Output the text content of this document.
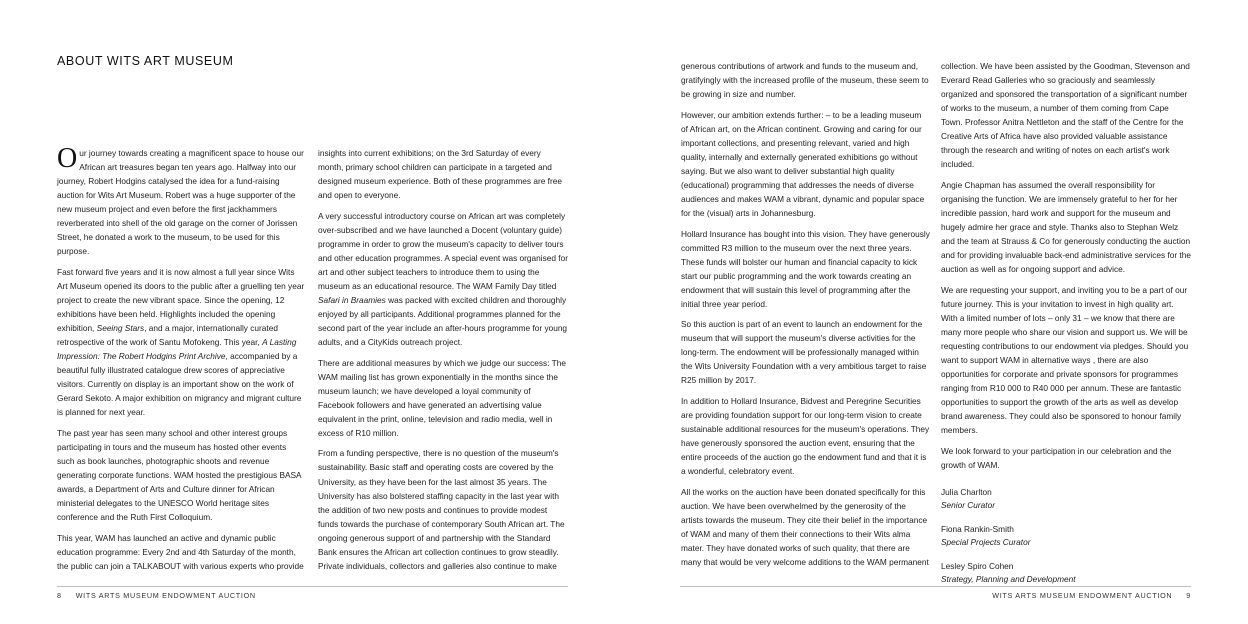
ABOUT WITS ART MUSEUM

Our journey towards creating a magnificent space to house our African art treasures began ten years ago. Halfway into our journey, Robert Hodgins catalysed the idea for a fund-raising auction for Wits Art Museum. Robert was a huge supporter of the new museum project and even before the first jackhammers reverberated into shell of the old garage on the corner of Jorissen Street, he donated a work to the museum, to be used for this purpose.

Fast forward five years and it is now almost a full year since Wits Art Museum opened its doors to the public after a gruelling ten year project to create the new vibrant space. Since the opening, 12 exhibitions have been held. Highlights included the opening exhibition, Seeing Stars, and a major, internationally curated retrospective of the work of Santu Mofokeng. This year, A Lasting Impression: The Robert Hodgins Print Archive, accompanied by a beautiful fully illustrated catalogue drew scores of appreciative visitors. Currently on display is an important show on the work of Gerard Sekoto. A major exhibition on migrancy and migrant culture is planned for next year.

The past year has seen many school and other interest groups participating in tours and the museum has hosted other events such as book launches, photographic shoots and revenue generating corporate functions. WAM hosted the prestigious BASA awards, a Department of Arts and Culture dinner for African ministerial delegates to the UNESCO World heritage sites conference and the Ruth First Colloquium.

This year, WAM has launched an active and dynamic public education programme: Every 2nd and 4th Saturday of the month, the public can join a TALKABOUT with various experts who provide

insights into current exhibitions; on the 3rd Saturday of every month, primary school children can participate in a targeted and designed museum experience. Both of these programmes are free and open to everyone.

A very successful introductory course on African art was completely over-subscribed and we have launched a Docent (voluntary guide) programme in order to grow the museum's capacity to deliver tours and other education programmes. A special event was organised for art and other subject teachers to introduce them to using the museum as an educational resource. The WAM Family Day titled Safari in Braamies was packed with excited children and thoroughly enjoyed by all participants. Additional programmes planned for the second part of the year include an after-hours programme for young adults, and a CityKids outreach project.

There are additional measures by which we judge our success: The WAM mailing list has grown exponentially in the months since the museum launch; we have developed a loyal community of Facebook followers and have generated an advertising value equivalent in the print, online, television and radio media, well in excess of R10 million.

From a funding perspective, there is no question of the museum's sustainability. Basic staff and operating costs are covered by the University, as they have been for the last almost 35 years. The University has also bolstered staffing capacity in the last year with the addition of two new posts and continues to provide modest funds towards the purchase of contemporary South African art. The ongoing generous support of and partnership with the Standard Bank ensures the African art collection continues to grow steadily. Private individuals, collectors and galleries also continue to make

8 WITS ARTS MUSEUM ENDOWMENT AUCTION

generous contributions of artwork and funds to the museum and, gratifyingly with the increased profile of the museum, these seem to be growing in size and number.

However, our ambition extends further: – to be a leading museum of African art, on the African continent. Growing and caring for our important collections, and presenting relevant, varied and high quality, internally and externally generated exhibitions go without saying. But we also want to deliver substantial high quality (educational) programming that addresses the needs of diverse audiences and makes WAM a vibrant, dynamic and popular space for the (visual) arts in Johannesburg.

Hollard Insurance has bought into this vision. They have generously committed R3 million to the museum over the next three years. These funds will bolster our human and financial capacity to kick start our public programming and the work towards creating an endowment that will sustain this level of programming after the initial three year period.

So this auction is part of an event to launch an endowment for the museum that will support the museum's diverse activities for the long-term. The endowment will be professionally managed within the Wits University Foundation with a very ambitious target to raise R25 million by 2017.

In addition to Hollard Insurance, Bidvest and Peregrine Securities are providing foundation support for our long-term vision to create sustainable additional resources for the museum's operations. They have generously sponsored the auction event, ensuring that the entire proceeds of the auction go the endowment fund and that it is a wonderful, celebratory event.

All the works on the auction have been donated specifically for this auction. We have been overwhelmed by the generosity of the artists towards the museum. They cite their belief in the importance of WAM and many of them their connections to their Wits alma mater. They have donated works of such quality, that there are many that would be very welcome additions to the WAM permanent

collection. We have been assisted by the Goodman, Stevenson and Everard Read Galleries who so graciously and seamlessly organized and sponsored the transportation of a significant number of works to the museum, a number of them coming from Cape Town. Professor Anitra Nettleton and the staff of the Centre for the Creative Arts of Africa have also provided valuable assistance through the research and writing of notes on each artist's work included.

Angie Chapman has assumed the overall responsibility for organising the function. We are immensely grateful to her for her incredible passion, hard work and support for the museum and hugely admire her grace and style. Thanks also to Stephan Welz and the team at Strauss & Co for generously conducting the auction and for providing invaluable back-end administrative services for the auction as well as for ongoing support and advice.

We are requesting your support, and inviting you to be a part of our future journey. This is your invitation to invest in high quality art. With a limited number of lots – only 31 – we know that there are many more people who share our vision and support us. We will be requesting contributions to our endowment via pledges. Should you want to support WAM in alternative ways , there are also opportunities for corporate and private sponsors for programmes ranging from R10 000 to R40 000 per annum. These are fantastic opportunities to support the growth of the arts as well as develop brand awareness. They could also be sponsored to honour family members.

We look forward to your participation in our celebration and the growth of WAM.

Julia Charlton
Senior Curator
Fiona Rankin-Smith
Special Projects Curator
Lesley Spiro Cohen
Strategy, Planning and Development
WITS ARTS MUSEUM ENDOWMENT AUCTION 9
